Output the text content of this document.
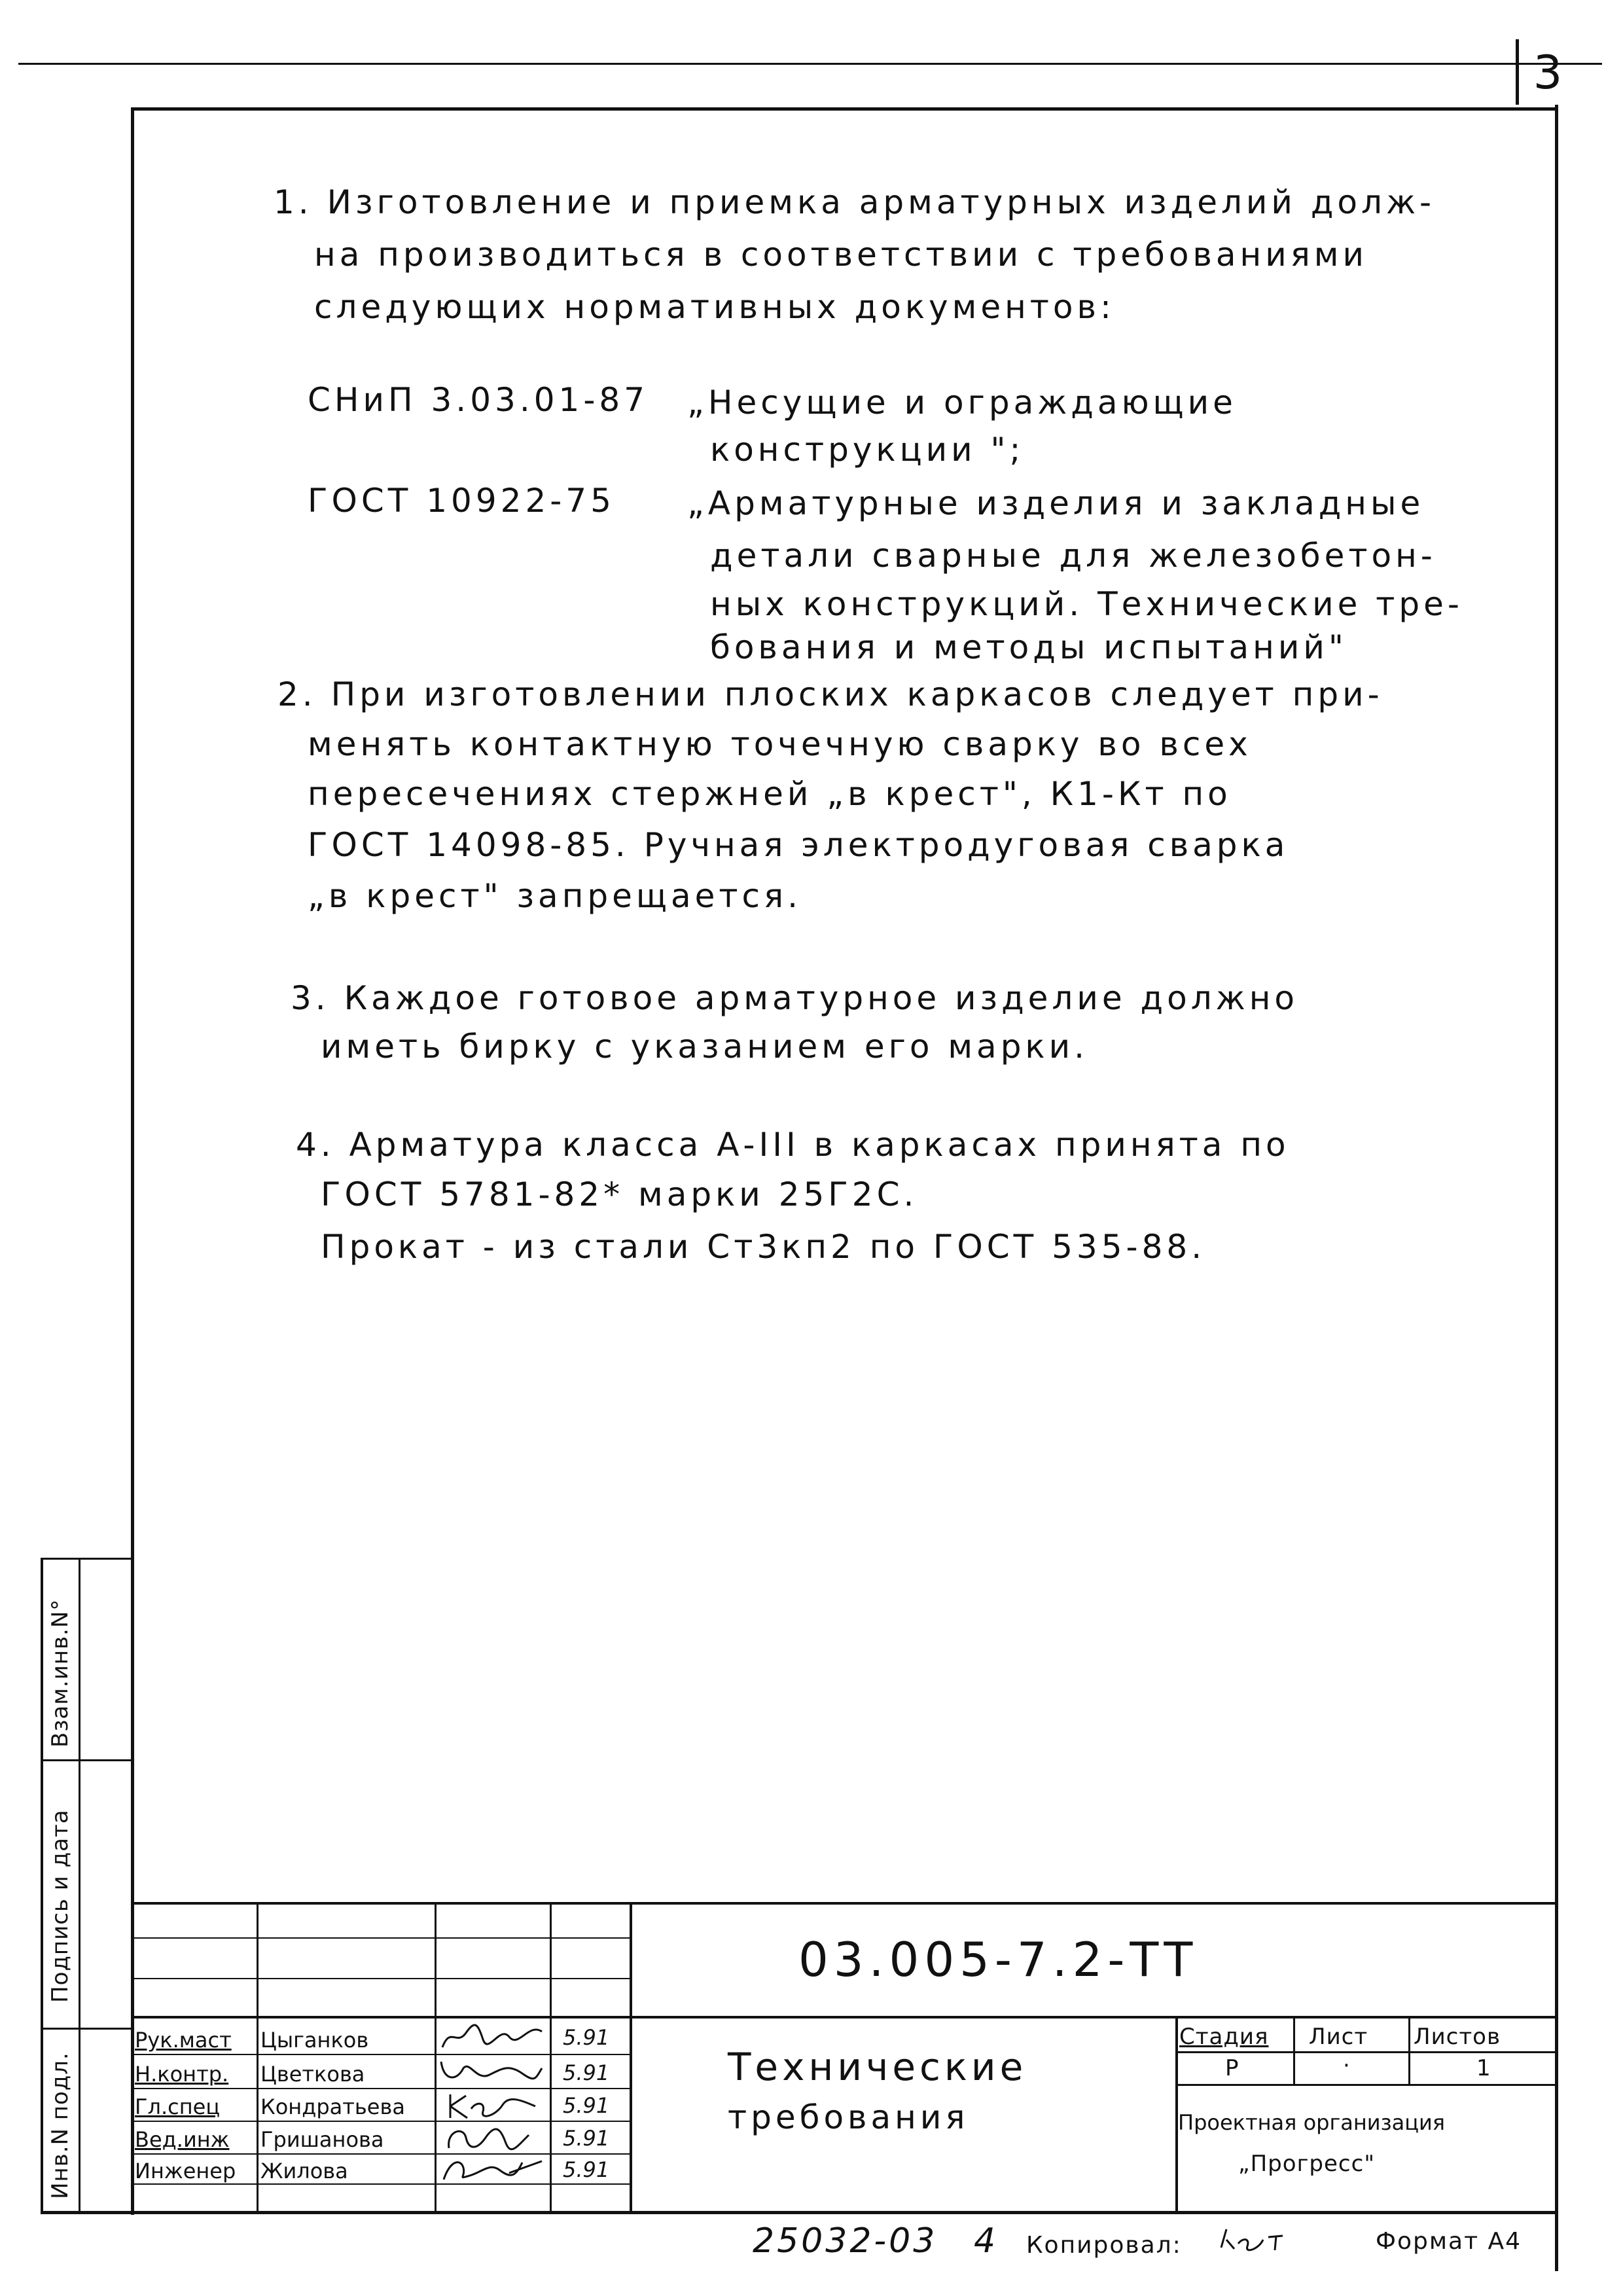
3
1. Изготовление и приемка арматурных изделий долж-
на производиться в соответствии с требованиями
следующих нормативных документов:
СНиП 3.03.01-87 „Несущие и ограждающие
конструкции ";
ГОСТ 10922-75 „Арматурные изделия и закладные
детали сварные для железобетон-
ных конструкций. Технические тре-
бования и методы испытаний"
2. При изготовлении плоских каркасов следует при-
менять контактную точечную сварку во всех
пересечениях стержней „в крест", К1-Кт по
ГОСТ 14098-85. Ручная электродуговая сварка
„в крест" запрещается.
3. Каждое готовое арматурное изделие должно
иметь бирку с указанием его марки.
4. Арматура класса А-III в каркасах принята по
ГОСТ 5781-82* марки 25Г2С.
Прокат - из стали Ст3кп2 по ГОСТ 535-88.
Инв.N подл.
Подпись и дата
Взам.инв.N°
03.005-7.2-ТТ
Технические
требования
Стадия Лист Листов
Р	·	1
Проектная организация
„Прогресс"
Рук.маст Цыганков	5.91
Н.контр. Цветкова	5.91
Гл.спец Кондратьева	5.91
Вед.инж Гришанова	5.91
Инженер Жилова	5.91
25032-03 4 Копировал:	Формат А4
